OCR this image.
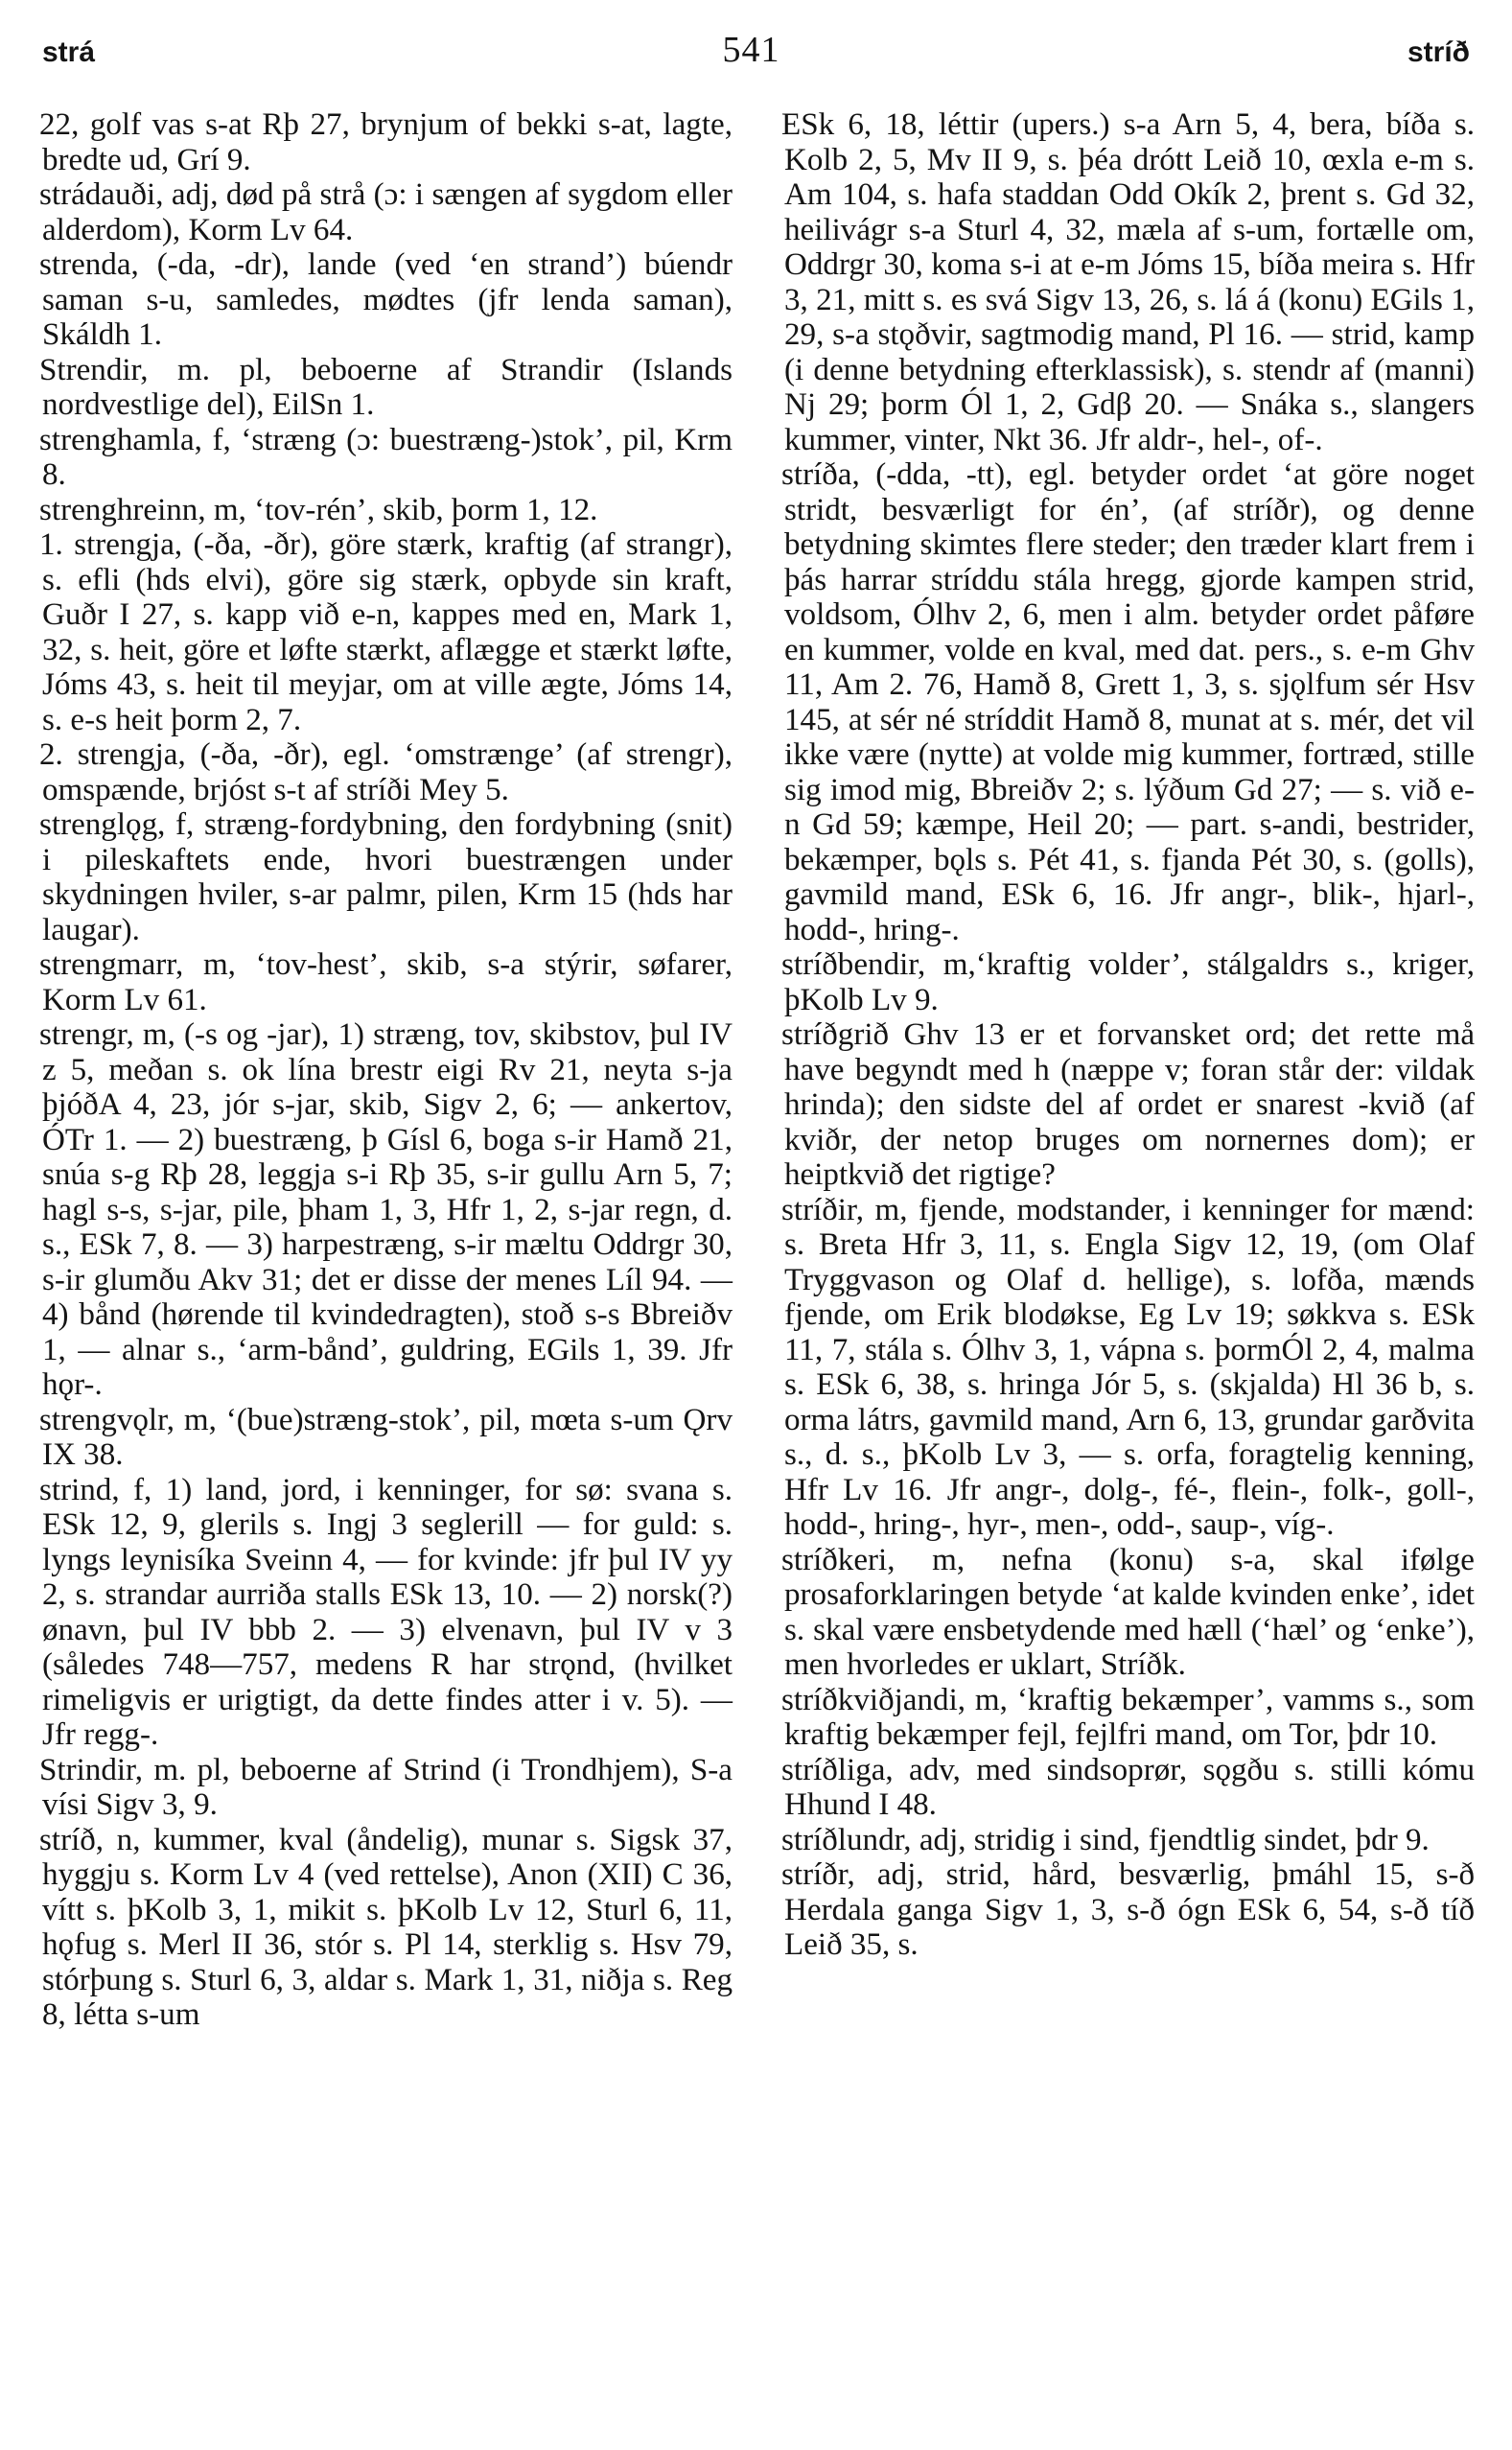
strá	541	stríð

22, golf vas s-at Rþ 27, brynjum of bekki s-at, lagte, bredte ud, Grí 9.

strádauði, adj, død på strå (ɔ: i sængen af sygdom eller alderdom), Korm Lv 64.

strenda, (-da, -dr), lande (ved ‘en strand’) búendr saman s-u, samledes, mødtes (jfr lenda saman), Skáldh 1.

Strendir, m. pl, beboerne af Strandir (Islands nordvestlige del), EilSn 1.

strenghamla, f, ‘stræng (ɔ: buestræng-)stok’, pil, Krm 8.

strenghreinn, m, ‘tov-rén’, skib, þorm 1, 12.

1. strengja, (-ða, -ðr), göre stærk, kraftig (af strangr), s. efli (hds elvi), göre sig stærk, opbyde sin kraft, Guðr I 27, s. kapp við e-n, kappes med en, Mark 1, 32, s. heit, göre et løfte stærkt, aflægge et stærkt løfte, Jóms 43, s. heit til meyjar, om at ville ægte, Jóms 14, s. e-s heit þorm 2, 7.

2. strengja, (-ða, -ðr), egl. ‘omstrænge’ (af strengr), omspænde, brjóst s-t af stríði Mey 5.

strenglǫg, f, stræng-fordybning, den fordybning (snit) i pileskaftets ende, hvori buestrængen under skydningen hviler, s-ar palmr, pilen, Krm 15 (hds har laugar).

strengmarr, m, ‘tov-hest’, skib, s-a stýrir, søfarer, Korm Lv 61.

strengr, m, (-s og -jar), 1) stræng, tov, skibstov, þul IV z 5, meðan s. ok lína brestr eigi Rv 21, neyta s-ja þjóðA 4, 23, jór s-jar, skib, Sigv 2, 6; — ankertov, ÓTr 1. — 2) buestræng, þ Gísl 6, boga s-ir Hamð 21, snúa s-g Rþ 28, leggja s-i Rþ 35, s-ir gullu Arn 5, 7; hagl s-s, s-jar, pile, þham 1, 3, Hfr 1, 2, s-jar regn, d. s., ESk 7, 8. — 3) harpestræng, s-ir mæltu Oddrgr 30, s-ir glumðu Akv 31; det er disse der menes Líl 94. — 4) bånd (hørende til kvindedragten), stoð s-s Bbreiðv 1, — alnar s., ‘arm-bånd’, guldring, EGils 1, 39. Jfr hǫr-.

strengvǫlr, m, ‘(bue)stræng-stok’, pil, mœta s-um Ǫrv IX 38.

strind, f, 1) land, jord, i kenninger, for sø: svana s. ESk 12, 9, glerils s. Ingj 3 seglerill — for guld: s. lyngs leynisíka Sveinn 4, — for kvinde: jfr þul IV yy 2, s. strandar aurriða stalls ESk 13, 10. — 2) norsk(?) ønavn, þul IV bbb 2. — 3) elvenavn, þul IV v 3 (således 748—757, medens R har strǫnd, (hvilket rimeligvis er urigtigt, da dette findes atter i v. 5). — Jfr regg-.

Strindir, m. pl, beboerne af Strind (i Trondhjem), S-a vísi Sigv 3, 9.

stríð, n, kummer, kval (åndelig), munar s. Sigsk 37, hyggju s. Korm Lv 4 (ved rettelse), Anon (XII) C 36, vítt s. þKolb 3, 1, mikit s. þKolb Lv 12, Sturl 6, 11, hǫfug s. Merl II 36, stór s. Pl 14, sterklig s. Hsv 79, stórþung s. Sturl 6, 3, aldar s. Mark 1, 31, niðja s. Reg 8, létta s-um

ESk 6, 18, léttir (upers.) s-a Arn 5, 4, bera, bíða s. Kolb 2, 5, Mv II 9, s. þéa drótt Leið 10, œxla e-m s. Am 104, s. hafa staddan Odd Okík 2, þrent s. Gd 32, heilivágr s-a Sturl 4, 32, mæla af s-um, fortælle om, Oddrgr 30, koma s-i at e-m Jóms 15, bíða meira s. Hfr 3, 21, mitt s. es svá Sigv 13, 26, s. lá á (konu) EGils 1, 29, s-a stǫðvir, sagtmodig mand, Pl 16. — strid, kamp (i denne betydning efterklassisk), s. stendr af (manni) Nj 29; þorm Ól 1, 2, Gdβ 20. — Snáka s., slangers kummer, vinter, Nkt 36. Jfr aldr-, hel-, of-.

stríða, (-dda, -tt), egl. betyder ordet ‘at göre noget stridt, besværligt for én’, (af stríðr), og denne betydning skimtes flere steder; den træder klart frem i þás harrar stríddu stála hregg, gjorde kampen strid, voldsom, Ólhv 2, 6, men i alm. betyder ordet påføre en kummer, volde en kval, med dat. pers., s. e-m Ghv 11, Am 2. 76, Hamð 8, Grett 1, 3, s. sjǫlfum sér Hsv 145, at sér né stríddit Hamð 8, munat at s. mér, det vil ikke være (nytte) at volde mig kummer, fortræd, stille sig imod mig, Bbreiðv 2; s. lýðum Gd 27; — s. við e-n Gd 59; kæmpe, Heil 20; — part. s-andi, bestrider, bekæmper, bǫls s. Pét 41, s. fjanda Pét 30, s. (golls), gavmild mand, ESk 6, 16. Jfr angr-, blik-, hjarl-, hodd-, hring-.

stríðbendir, m,‘kraftig volder’, stálgaldrs s., kriger, þKolb Lv 9.

stríðgrið Ghv 13 er et forvansket ord; det rette må have begyndt med h (næppe v; foran står der: vildak hrinda); den sidste del af ordet er snarest -kvið (af kviðr, der netop bruges om nornernes dom); er heiptkvið det rigtige?

stríðir, m, fjende, modstander, i kenninger for mænd: s. Breta Hfr 3, 11, s. Engla Sigv 12, 19, (om Olaf Tryggvason og Olaf d. hellige), s. lofða, mænds fjende, om Erik blodøkse, Eg Lv 19; søkkva s. ESk 11, 7, stála s. Ólhv 3, 1, vápna s. þormÓl 2, 4, malma s. ESk 6, 38, s. hringa Jór 5, s. (skjalda) Hl 36 b, s. orma látrs, gavmild mand, Arn 6, 13, grundar garðvita s., d. s., þKolb Lv 3, — s. orfa, foragtelig kenning, Hfr Lv 16. Jfr angr-, dolg-, fé-, flein-, folk-, goll-, hodd-, hring-, hyr-, men-, odd-, saup-, víg-.

stríðkeri, m, nefna (konu) s-a, skal ifølge prosaforklaringen betyde ‘at kalde kvinden enke’, idet s. skal være ensbetydende med hæll (‘hæl’ og ‘enke’), men hvorledes er uklart, Stríðk.

stríðkviðjandi, m, ‘kraftig bekæmper’, vamms s., som kraftig bekæmper fejl, fejlfri mand, om Tor, þdr 10.

stríðliga, adv, med sindsoprør, sǫgðu s. stilli kómu Hhund I 48.

stríðlundr, adj, stridig i sind, fjendtlig sindet, þdr 9.

stríðr, adj, strid, hård, besværlig, þmáhl 15, s-ð Herdala ganga Sigv 1, 3, s-ð ógn ESk 6, 54, s-ð tíð Leið 35, s.
